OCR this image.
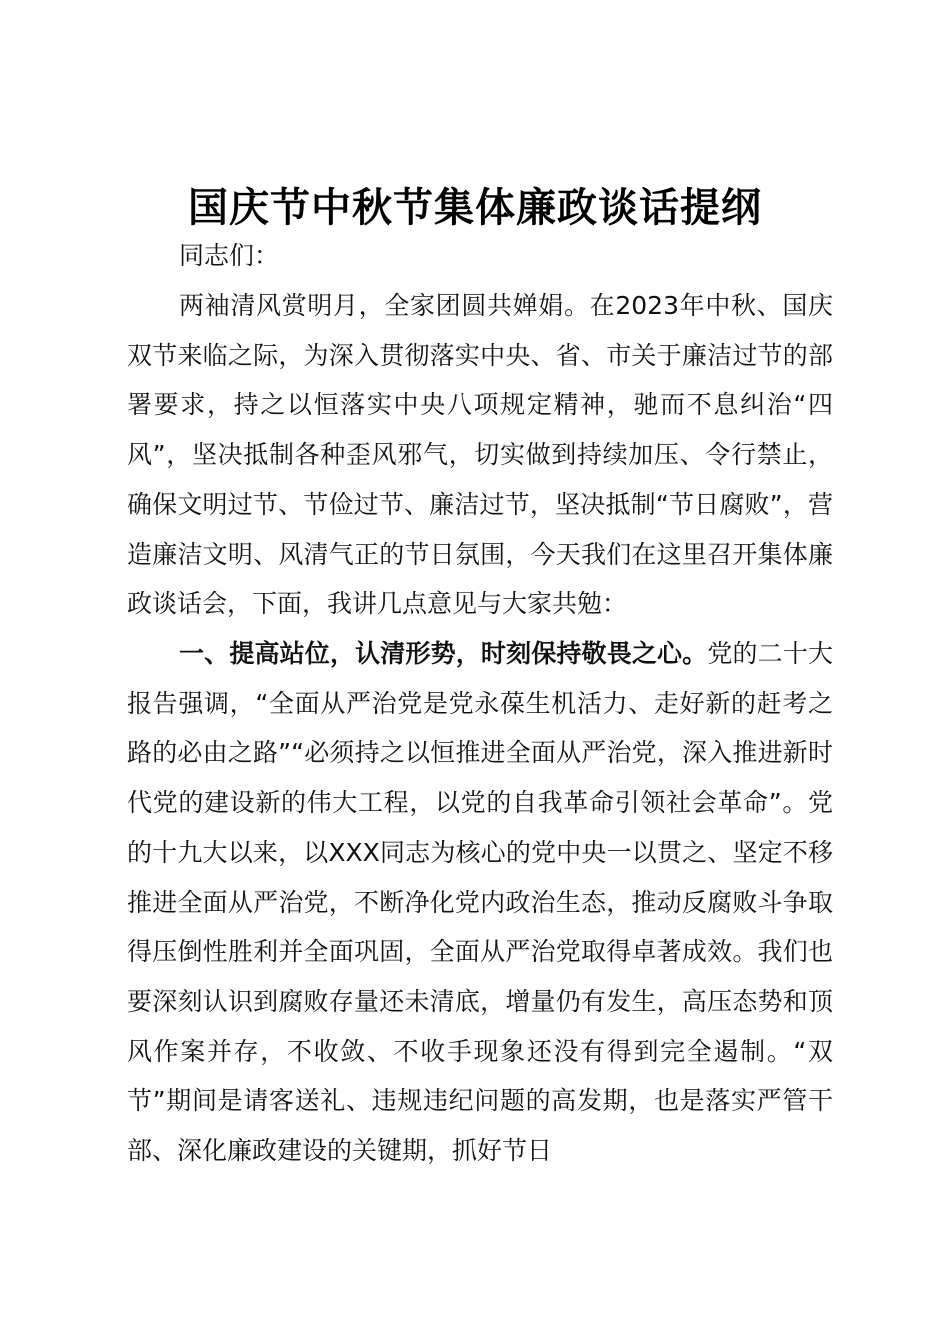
国庆节中秋节集体廉政谈话提纲
同志们：
两袖清风赏明月，全家团圆共婵娟。在2023年中秋、国庆双节来临之际，为深入贯彻落实中央、省、市关于廉洁过节的部署要求，持之以恒落实中央八项规定精神，驰而不息纠治“四风”，坚决抵制各种歪风邪气，切实做到持续加压、令行禁止，确保文明过节、节俭过节、廉洁过节，坚决抵制“节日腐败”，营造廉洁文明、风清气正的节日氛围，今天我们在这里召开集体廉政谈话会，下面，我讲几点意见与大家共勉：
一、提高站位，认清形势，时刻保持敬畏之心。党的二十大报告强调，“全面从严治党是党永葆生机活力、走好新的赶考之路的必由之路”“必须持之以恒推进全面从严治党，深入推进新时代党的建设新的伟大工程，以党的自我革命引领社会革命”。党的十九大以来，以XXX同志为核心的党中央一以贯之、坚定不移推进全面从严治党，不断净化党内政治生态，推动反腐败斗争取得压倒性胜利并全面巩固，全面从严治党取得卓著成效。我们也要深刻认识到腐败存量还未清底，增量仍有发生，高压态势和顶风作案并存，不收敛、不收手现象还没有得到完全遏制。“双节”期间是请客送礼、违规违纪问题的高发期，也是落实严管干部、深化廉政建设的关键期，抓好节日
